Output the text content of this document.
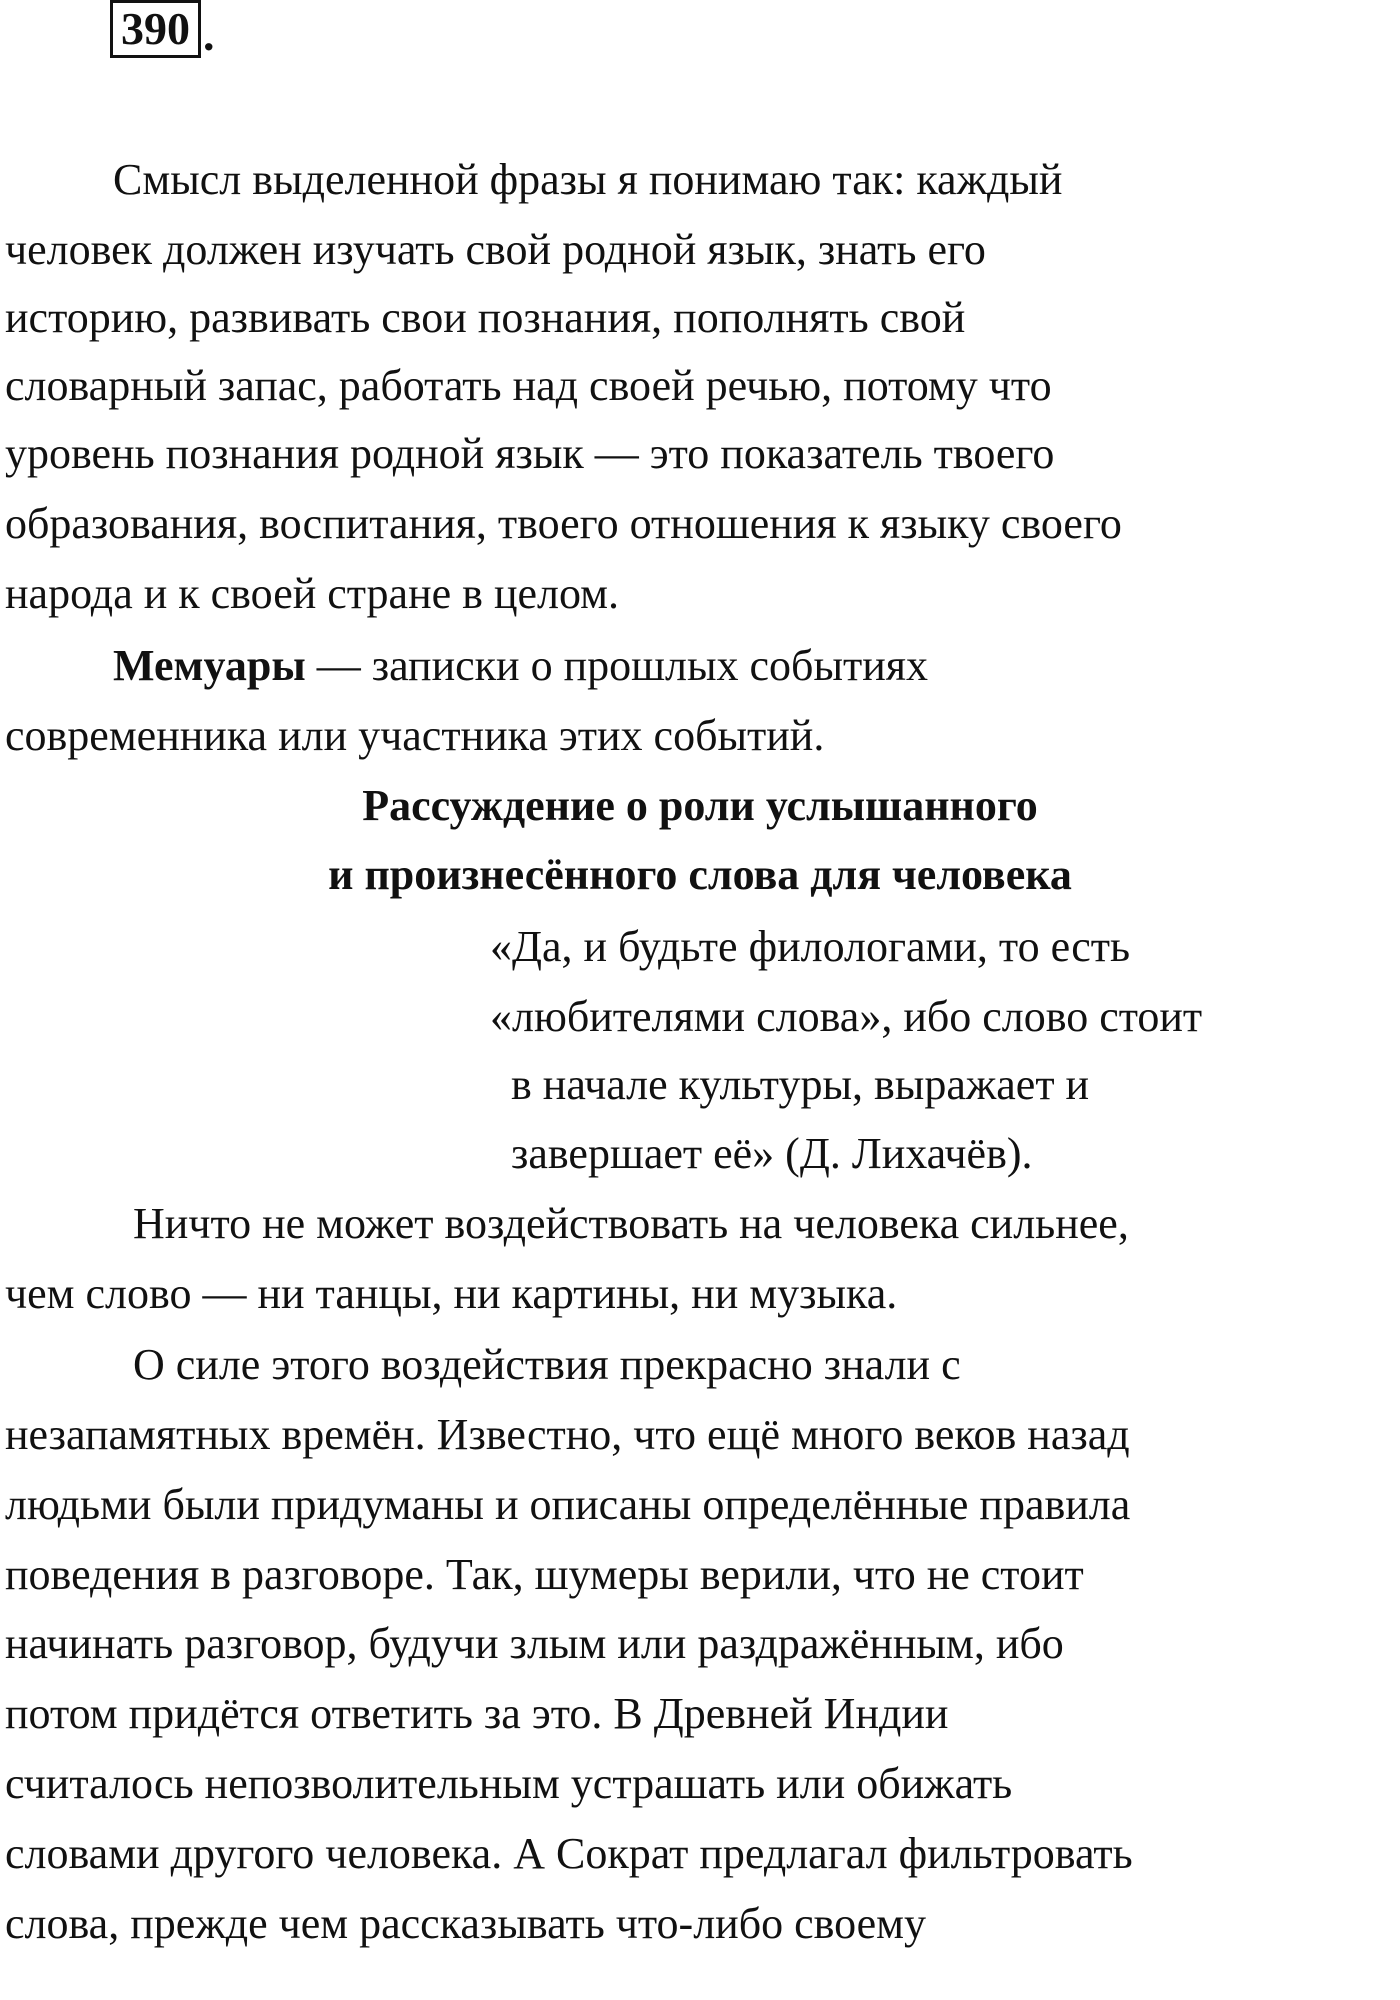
390 .
Смысл выделенной фразы я понимаю так: каждый
человек должен изучать свой родной язык, знать его
историю, развивать свои познания, пополнять свой
словарный запас, работать над своей речью, потому что
уровень познания родной язык — это показатель твоего
образования, воспитания, твоего отношения к языку своего
народа и к своей стране в целом.
Мемуары — записки о прошлых событиях
современника или участника этих событий.
Рассуждение о роли услышанного
и произнесённого слова для человека
«Да, и будьте филологами, то есть
«любителями слова», ибо слово стоит
в начале культуры, выражает и
завершает её» (Д. Лихачёв).
Ничто не может воздействовать на человека сильнее,
чем слово — ни танцы, ни картины, ни музыка.
О силе этого воздействия прекрасно знали с
незапамятных времён. Известно, что ещё много веков назад
людьми были придуманы и описаны определённые правила
поведения в разговоре. Так, шумеры верили, что не стоит
начинать разговор, будучи злым или раздражённым, ибо
потом придётся ответить за это. В Древней Индии
считалось непозволительным устрашать или обижать
словами другого человека. А Сократ предлагал фильтровать
слова, прежде чем рассказывать что-либо своему
